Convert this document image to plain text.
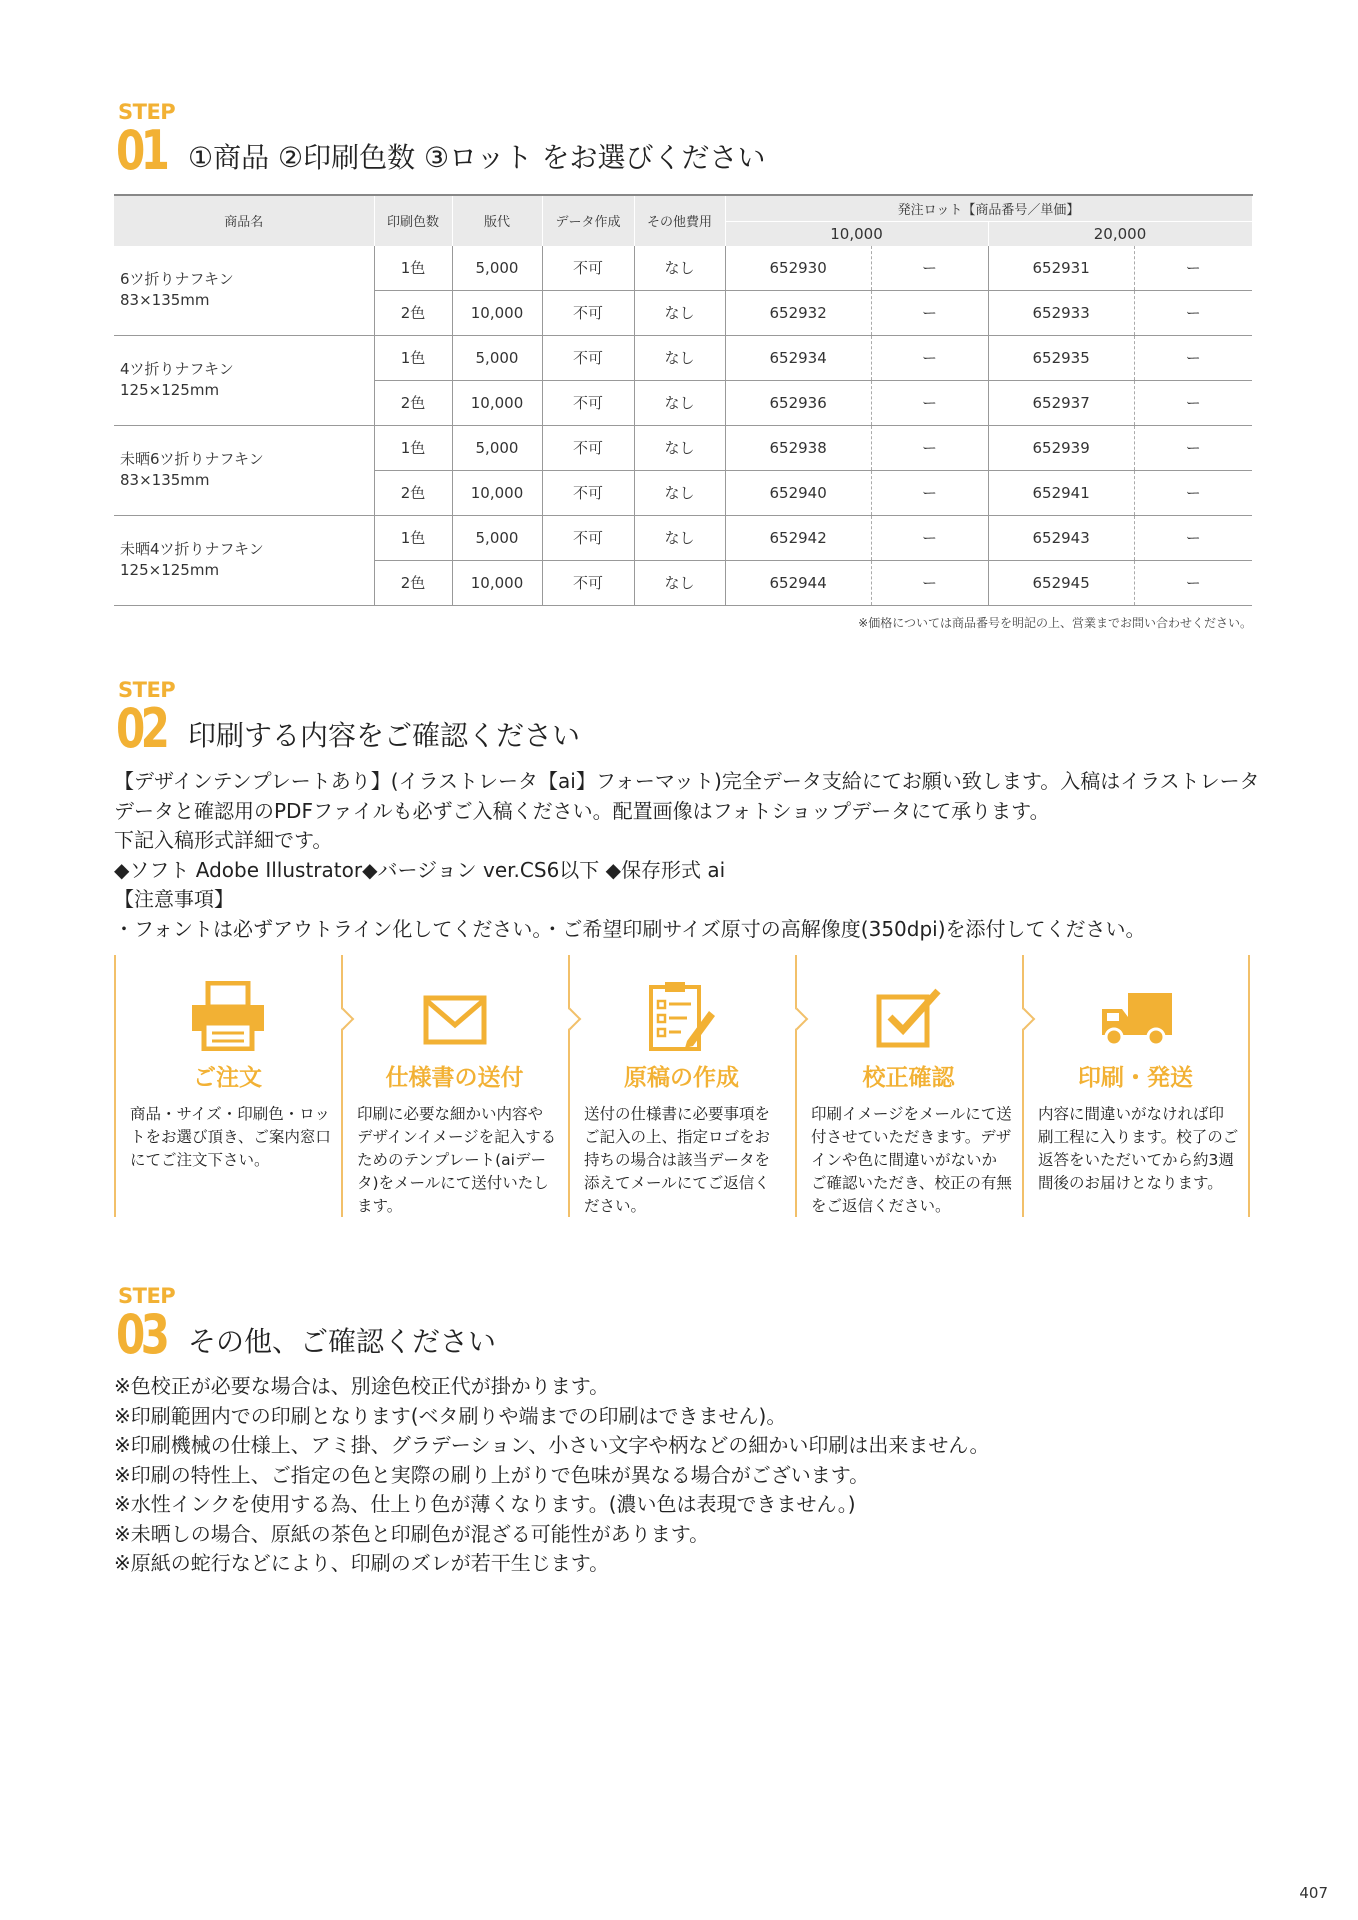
STEP
01 ①商品 ②印刷色数 ③ロット をお選びください
商品名	印刷色数	版代	データ作成	その他費用	発注ロット【商品番号／単価】			
					10,000		20,000	

6ツ折りナフキン
83×135mm	1色	5,000	不可	なし	652930	ー	652931	ー
	2色	10,000	不可	なし	652932	ー	652933	ー

4ツ折りナフキン
125×125mm	1色	5,000	不可	なし	652934	ー	652935	ー
	2色	10,000	不可	なし	652936	ー	652937	ー

未晒6ツ折りナフキン
83×135mm	1色	5,000	不可	なし	652938	ー	652939	ー
	2色	10,000	不可	なし	652940	ー	652941	ー

未晒4ツ折りナフキン
125×125mm	1色	5,000	不可	なし	652942	ー	652943	ー
	2色	10,000	不可	なし	652944	ー	652945	ー
※価格については商品番号を明記の上、営業までお問い合わせください。
STEP
02 印刷する内容をご確認ください
【デザインテンプレートあり】(イラストレータ【ai】フォーマット)完全データ支給にてお願い致します。入稿はイラストレータ
データと確認用のPDFファイルも必ずご入稿ください。配置画像はフォトショップデータにて承ります。
下記入稿形式詳細です。
◆ソフト Adobe Illustrator◆バージョン ver.CS6以下 ◆保存形式 ai
【注意事項】
・フォントは必ずアウトライン化してください。・ご希望印刷サイズ原寸の高解像度(350dpi)を添付してください。
ご注文
商品・サイズ・印刷色・ロットをお選び頂き、ご案内窓口にてご注文下さい。
仕様書の送付
印刷に必要な細かい内容やデザインイメージを記入するためのテンプレート(aiデータ)をメールにて送付いたします。
原稿の作成
送付の仕様書に必要事項をご記入の上、指定ロゴをお持ちの場合は該当データを添えてメールにてご返信ください。
校正確認
印刷イメージをメールにて送付させていただきます。デザインや色に間違いがないかご確認いただき、校正の有無をご返信ください。
印刷・発送
内容に間違いがなければ印刷工程に入ります。校了のご返答をいただいてから約3週間後のお届けとなります。
STEP
03 その他、ご確認ください
※色校正が必要な場合は、別途色校正代が掛かります。
※印刷範囲内での印刷となります(ベタ刷りや端までの印刷はできません)。
※印刷機械の仕様上、アミ掛、グラデーション、小さい文字や柄などの細かい印刷は出来ません。
※印刷の特性上、ご指定の色と実際の刷り上がりで色味が異なる場合がございます。
※水性インクを使用する為、仕上り色が薄くなります。(濃い色は表現できません。)
※未晒しの場合、原紙の茶色と印刷色が混ざる可能性があります。
※原紙の蛇行などにより、印刷のズレが若干生じます。
407
